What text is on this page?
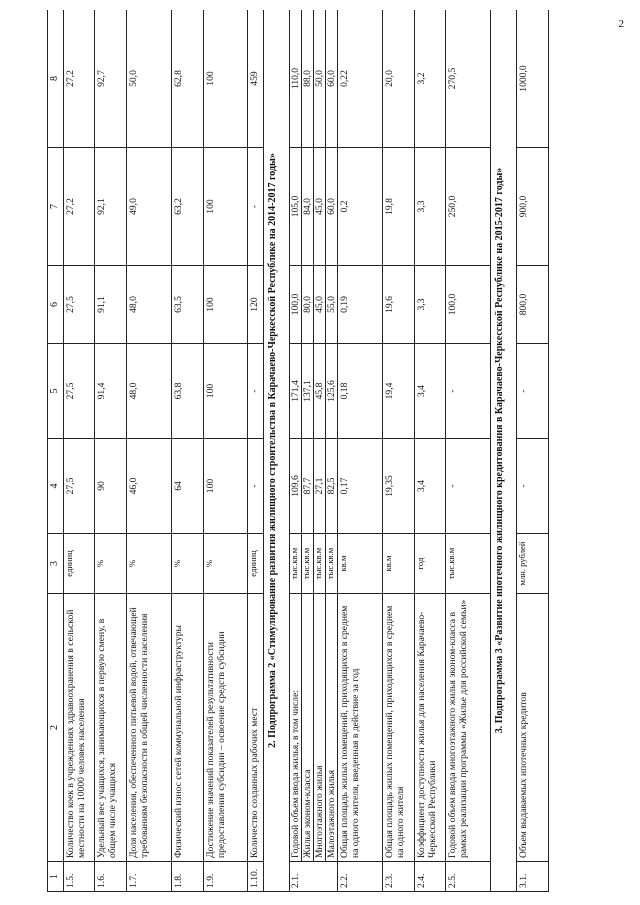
2
1	2	3	4	5	6	7	8
1.5.	Количество коек в учреждениях здравоохранения в сельской местности на 10000 человек населения	единиц	27,5	27,5	27,5	27,2	27,2
1.6.	Удельный вес учащихся, занимающихся в первую смену, в общем числе учащихся	%	90	91,4	91,1	92,1	92,7
1.7.	Доля населения, обеспеченного питьевой водой, отвечающей требованиям безопасности в общей численности населения	%	46,0	48,0	48,0	49,0	50,0
1.8.	Физический износ сетей коммунальной инфраструктуры	%	64	63,8	63,5	63,2	62,8
1.9.	Достижение значений показателей результативности предоставления субсидии – освоение средств субсидии	%	100	100	100	100	100
1.10.	Количество созданных рабочих мест	единиц	-	-	120	-	459
2. Подпрограмма 2 «Стимулирование развития жилищного строительства в Карачаево-Черкесской Республике на 2014-2017 годы»							
2.1.	Годовой объем ввода жилья, в том числе:	тыс.кв.м	109,6	171,4	100,0	105,0	110,0
	Жилья эконом-класса	тыс.кв.м	87,7	137,1	80,0	84,0	88,0
	Многоэтажного жилья	тыс.кв.м	27,1	45,8	45,0	45,0	50,0
	Малоэтажного жилья	тыс.кв.м	82,5	125,6	55,0	60,0	60,0
2.2.	Общая площадь жилых помещений, приходящихся в среднем на одного жителя, введенная в действие за год	кв.м	0,17	0,18	0,19	0,2	0,22
2.3.	Общая площадь жилых помещений, приходящихся в среднем на одного жителя	кв.м	19,35	19,4	19,6	19,8	20,0
2.4.	Коэффициент доступности жилья для населения Карачаево-Черкесской Республики	год	3,4	3,4	3,3	3,3	3,2
2.5.	Годовой объем ввода многоэтажного жилья эконом-класса в рамках реализации программы «Жилье для российской семьи»	тыс.кв.м	-	-	100,0	250,0	270,5
3. Подпрограмма 3 «Развитие ипотечного жилищного кредитования в Карачаево-Черкесской Республике на 2015-2017 годы»							
3.1.	Объем выдаваемых ипотечных кредитов	млн. рублей	-	-	800,0	900,0	1000,0
